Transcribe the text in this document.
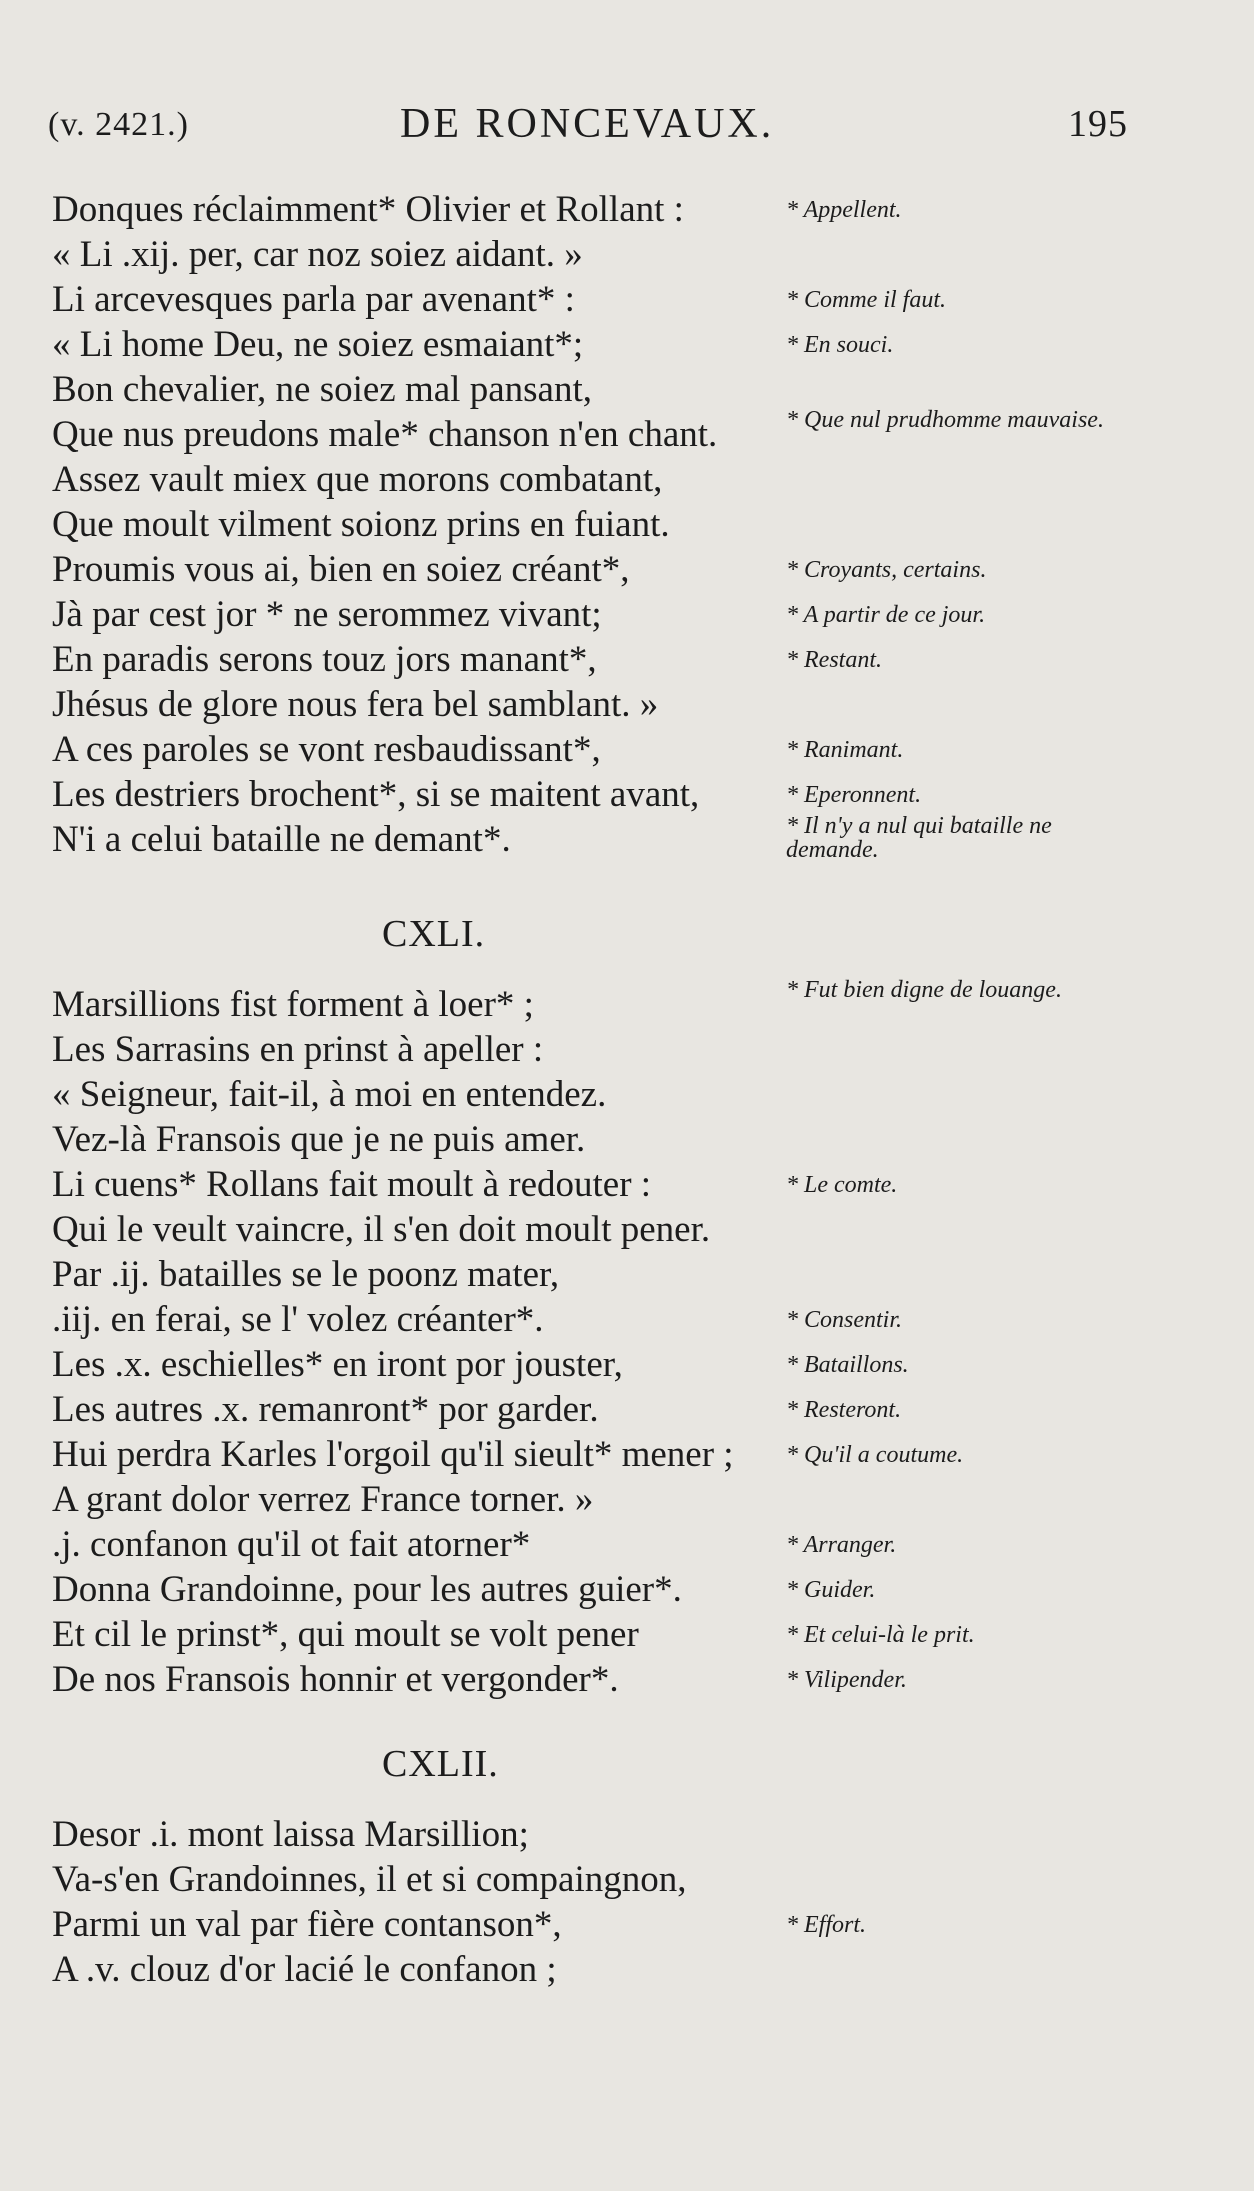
(v. 2421.)	DE RONCEVAUX.	195
Donques réclaimment* Olivier et Rollant :
« Li .xij. per, car noz soiez aidant. »
Li arcevesques parla par avenant* :
« Li home Deu, ne soiez esmaiant*;
Bon chevalier, ne soiez mal pansant,
Que nus preudons male* chanson n'en chant.
Assez vault miex que morons combatant,
Que moult vilment soionz prins en fuiant.
Proumis vous ai, bien en soiez créant*,
Jà par cest jor * ne serommez vivant;
En paradis serons touz jors manant*,
Jhésus de glore nous fera bel samblant. »
A ces paroles se vont resbaudissant*,
Les destriers brochent*, si se maitent avant,
N'i a celui bataille ne demant*.
* Appellent.
* Comme il faut.
* En souci.
* Que nul prudhomme mauvaise.
* Croyants, certains.
* A partir de ce jour.
* Restant.
* Ranimant.
* Eperonnent.
* Il n'y a nul qui bataille ne demande.
CXLI.
Marsillions fist forment à loer* ;
Les Sarrasins en prinst à apeller :
« Seigneur, fait-il, à moi en entendez.
Vez-là Fransois que je ne puis amer.
Li cuens* Rollans fait moult à redouter :
Qui le veult vaincre, il s'en doit moult pener.
Par .ij. batailles se le poonz mater,
.iij. en ferai, se l' volez créanter*.
Les .x. eschielles* en iront por jouster,
Les autres .x. remanront* por garder.
Hui perdra Karles l'orgoil qu'il sieult* mener ;
A grant dolor verrez France torner. »
.j. confanon qu'il ot fait atorner*
Donna Grandoinne, pour les autres guier*.
Et cil le prinst*, qui moult se volt pener
De nos Fransois honnir et vergonder*.
* Fut bien digne de louange.
* Le comte.
* Consentir.
* Bataillons.
* Resteront.
* Qu'il a coutume.
* Arranger.
* Guider.
* Et celui-là le prit.
* Vilipender.
CXLII.
Desor .i. mont laissa Marsillion;
Va-s'en Grandoinnes, il et si compaingnon,
Parmi un val par fière contanson*,
A .v. clouz d'or lacié le confanon ;
* Effort.
